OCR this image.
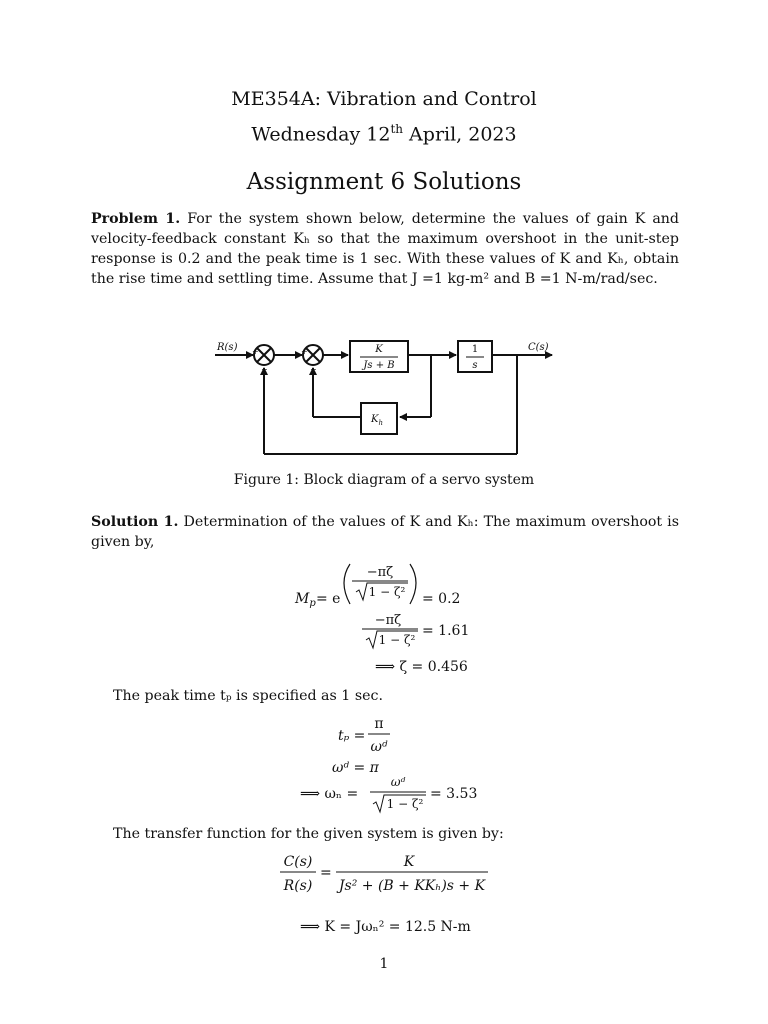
ME354A: Vibration and Control
Wednesday 12th April, 2023
Assignment 6 Solutions
Problem 1. For the system shown below, determine the values of gain K and velocity-feedback constant Kₕ so that the maximum overshoot in the unit-step response is 0.2 and the peak time is 1 sec. With these values of K and Kₕ, obtain the rise time and settling time. Assume that J =1 kg-m² and B =1 N-m/rad/sec.
R(s)	C(s)
K
Js + B
1
s
$K_h$
+
−
+
−
Figure 1: Block diagram of a servo system
Solution 1. Determination of the values of K and Kₕ: The maximum overshoot is given by,
$M_p = e$
−πζ
1 − ζ² = 0.2
−πζ
1 − ζ²
= 1.61
⟹ ζ = 0.456
The peak time tₚ is specified as 1 sec.
tₚ =
π
ωᵈ
ωᵈ = π
⟹ ωₙ =
ωᵈ
1 − ζ²
= 3.53
The transfer function for the given system is given by:
C(s)
R(s)
=
K
Js² + (B + KKₕ)s + K
⟹ K = Jωₙ² = 12.5 N-m
1
